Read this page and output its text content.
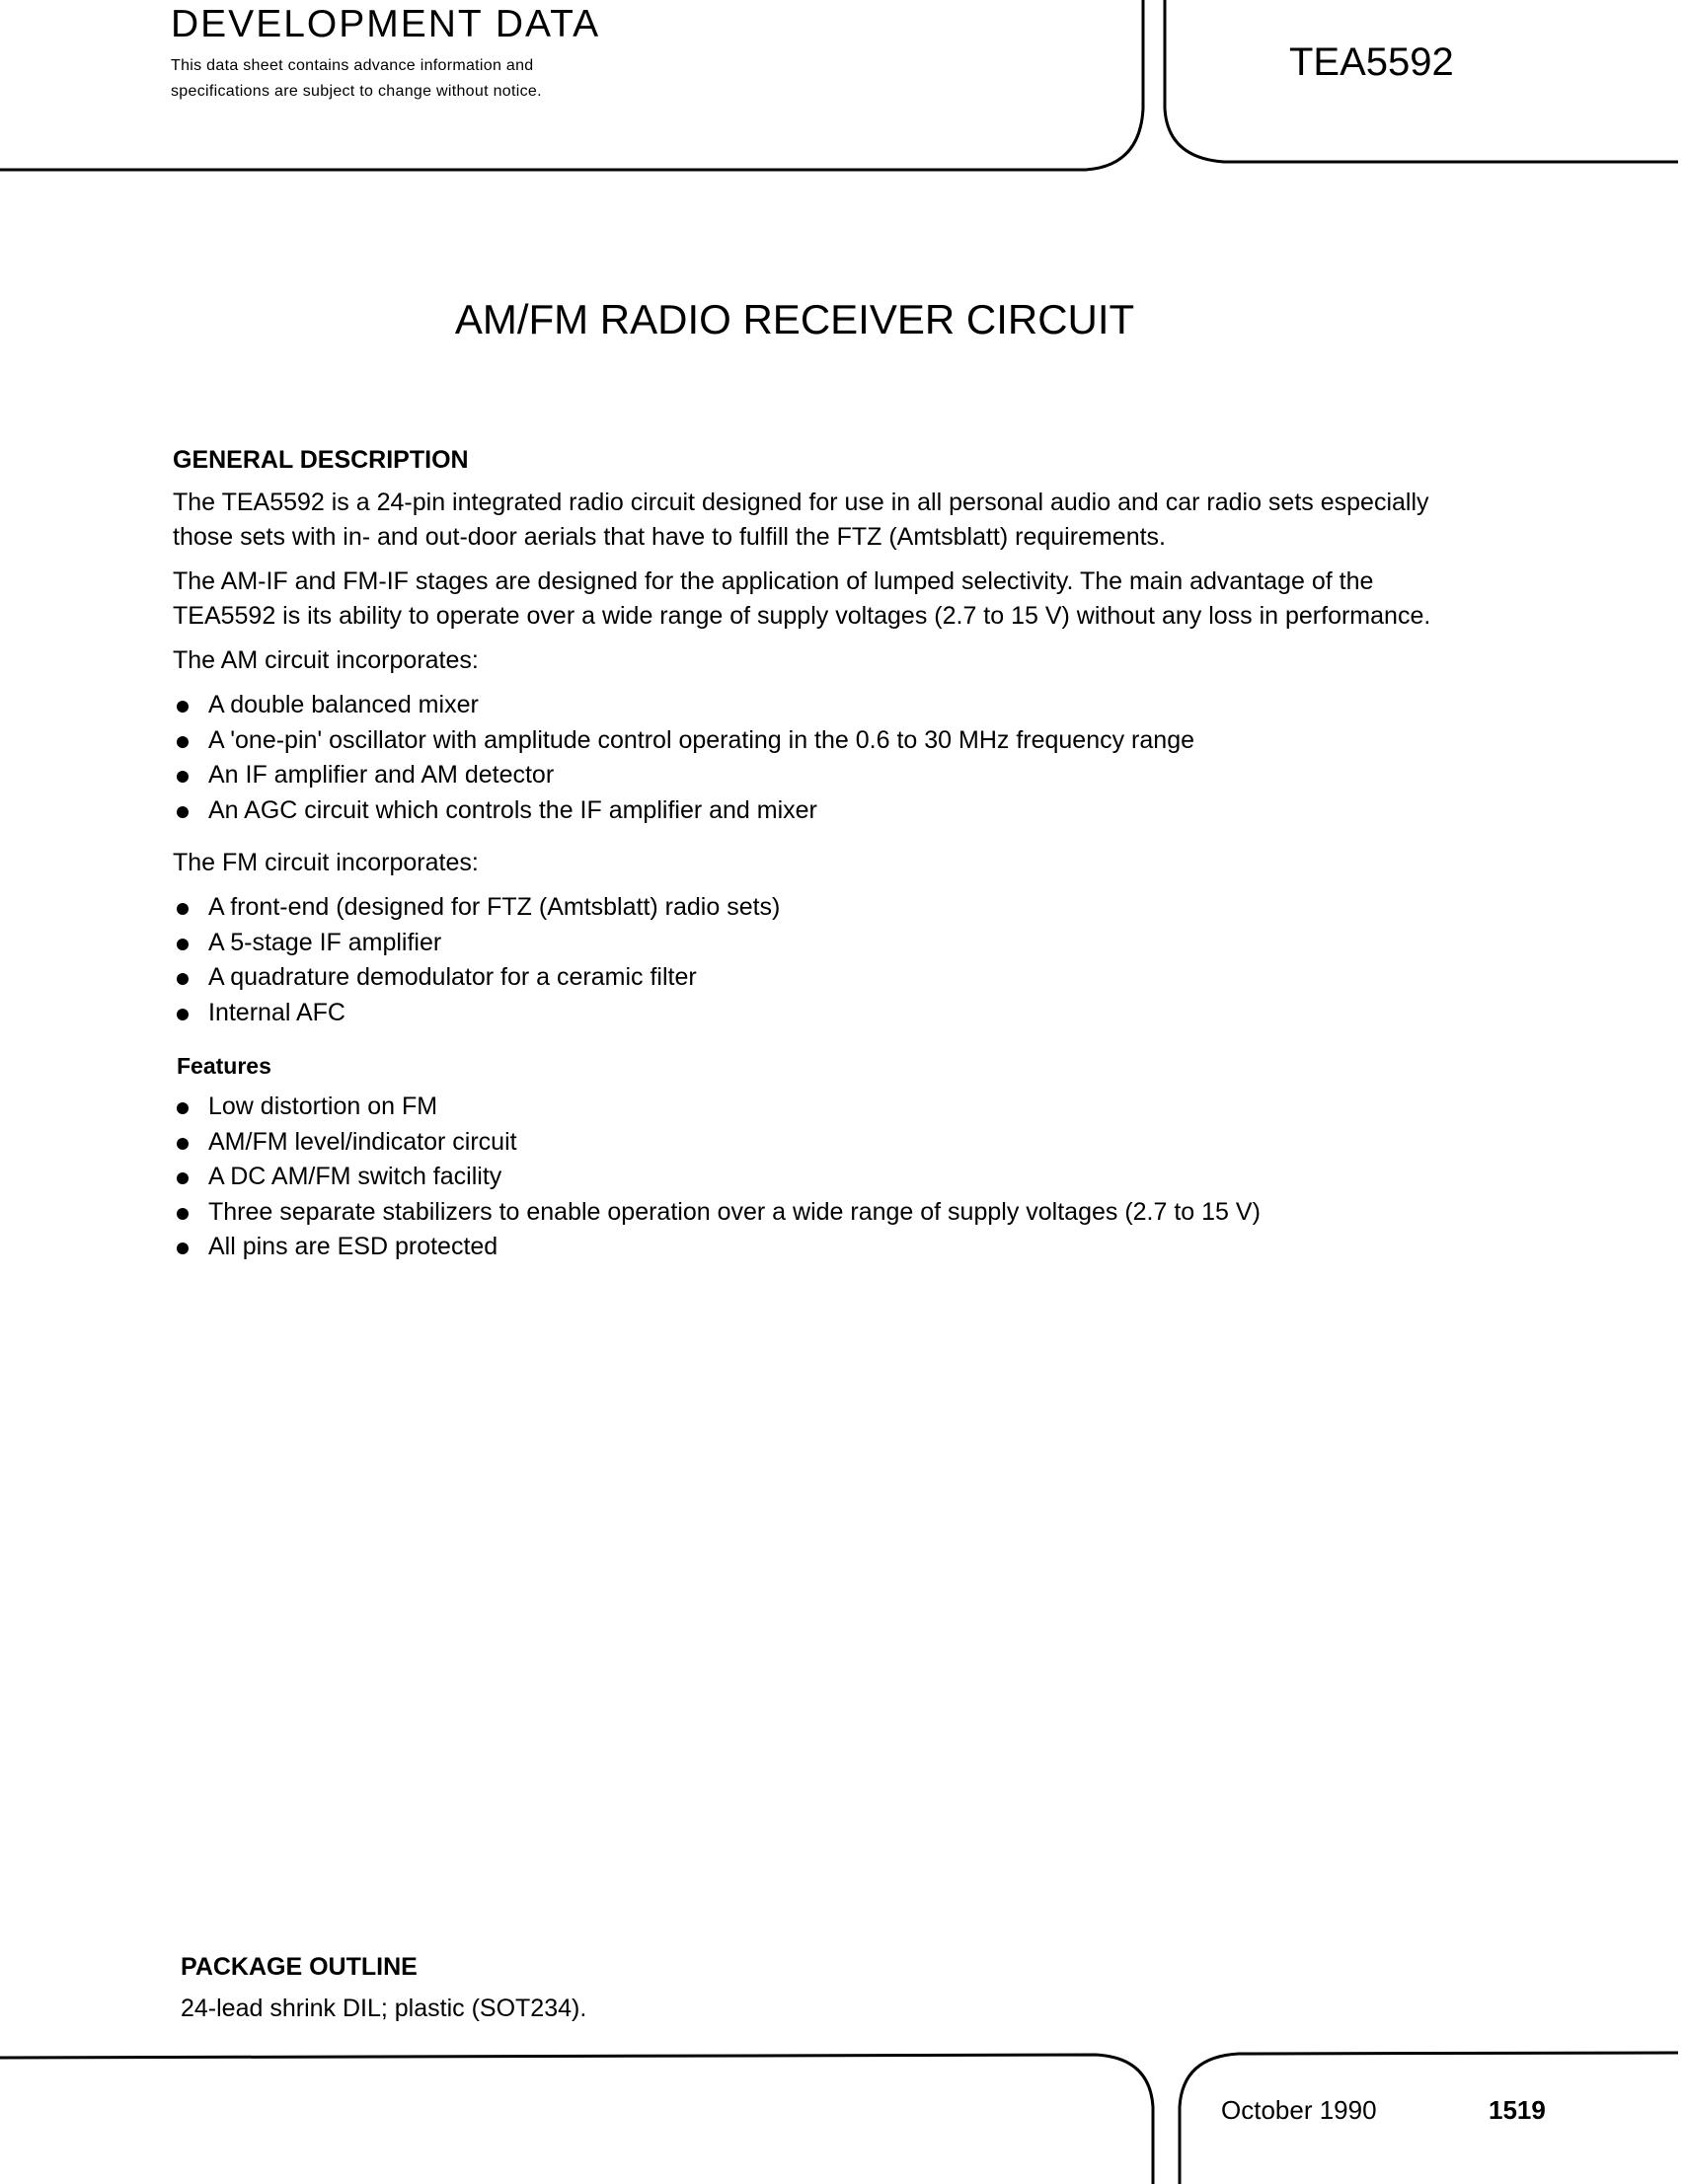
DEVELOPMENT DATA
This data sheet contains advance information and
specifications are subject to change without notice.
TEA5592
AM/FM RADIO RECEIVER CIRCUIT
GENERAL DESCRIPTION

The TEA5592 is a 24-pin integrated radio circuit designed for use in all personal audio and car radio sets especially those sets with in- and out-door aerials that have to fulfill the FTZ (Amtsblatt) requirements.

The AM-IF and FM-IF stages are designed for the application of lumped selectivity. The main advantage of the TEA5592 is its ability to operate over a wide range of supply voltages (2.7 to 15 V) without any loss in performance.

The AM circuit incorporates:

A double balanced mixer
A 'one-pin' oscillator with amplitude control operating in the 0.6 to 30 MHz frequency range
An IF amplifier and AM detector
An AGC circuit which controls the IF amplifier and mixer

The FM circuit incorporates:

A front-end (designed for FTZ (Amtsblatt) radio sets)
A 5-stage IF amplifier
A quadrature demodulator for a ceramic filter
Internal AFC
Features
Low distortion on FM
AM/FM level/indicator circuit
A DC AM/FM switch facility
Three separate stabilizers to enable operation over a wide range of supply voltages (2.7 to 15 V)
All pins are ESD protected
PACKAGE OUTLINE

24-lead shrink DIL; plastic (SOT234).

October 1990	1519
